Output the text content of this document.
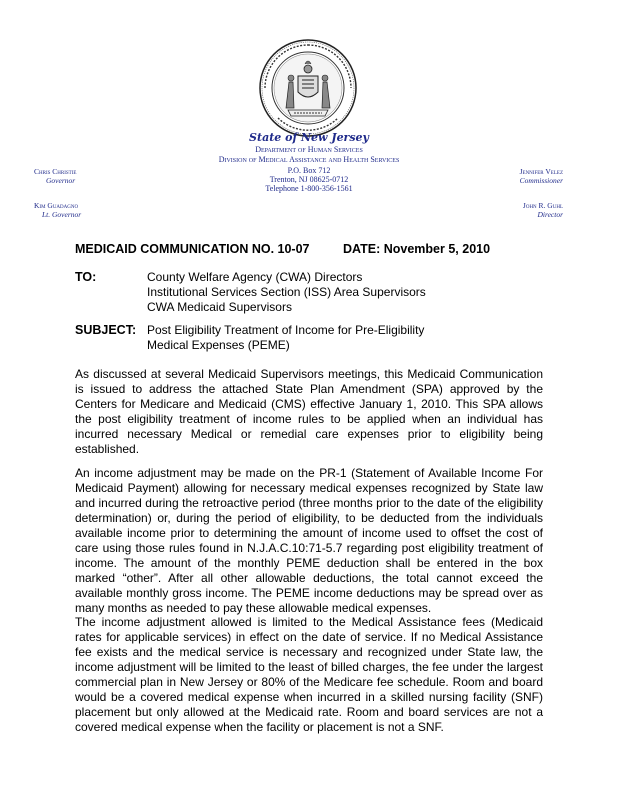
State of New Jersey
Department of Human Services
Division of Medical Assistance and Health Services
P.O. Box 712
Trenton, NJ 08625-0712
Telephone 1-800-356-1561
Chris Christie
Governor
Kim Guadagno
Lt. Governor
Jennifer Velez
Commissioner
John R. Guhl
Director
MEDICAID COMMUNICATION NO. 10-07	DATE: November 5, 2010
TO:	County Welfare Agency (CWA) Directors
Institutional Services Section (ISS) Area Supervisors
CWA Medicaid Supervisors
SUBJECT: Post Eligibility Treatment of Income for Pre-Eligibility
Medical Expenses (PEME)

As discussed at several Medicaid Supervisors meetings, this Medicaid Communication is issued to address the attached State Plan Amendment (SPA) approved by the Centers for Medicare and Medicaid (CMS) effective January 1, 2010. This SPA allows the post eligibility treatment of income rules to be applied when an individual has incurred necessary Medical or remedial care expenses prior to eligibility being established.

An income adjustment may be made on the PR-1 (Statement of Available Income For Medicaid Payment) allowing for necessary medical expenses recognized by State law and incurred during the retroactive period (three months prior to the date of the eligibility determination) or, during the period of eligibility, to be deducted from the individuals available income prior to determining the amount of income used to offset the cost of care using those rules found in N.J.A.C.10:71-5.7 regarding post eligibility treatment of income. The amount of the monthly PEME deduction shall be entered in the box marked “other”. After all other allowable deductions, the total cannot exceed the available monthly gross income. The PEME income deductions may be spread over as many months as needed to pay these allowable medical expenses.

The income adjustment allowed is limited to the Medical Assistance fees (Medicaid rates for applicable services) in effect on the date of service. If no Medical Assistance fee exists and the medical service is necessary and recognized under State law, the income adjustment will be limited to the least of billed charges, the fee under the largest commercial plan in New Jersey or 80% of the Medicare fee schedule. Room and board would be a covered medical expense when incurred in a skilled nursing facility (SNF) placement but only allowed at the Medicaid rate. Room and board services are not a covered medical expense when the facility or placement is not a SNF.
